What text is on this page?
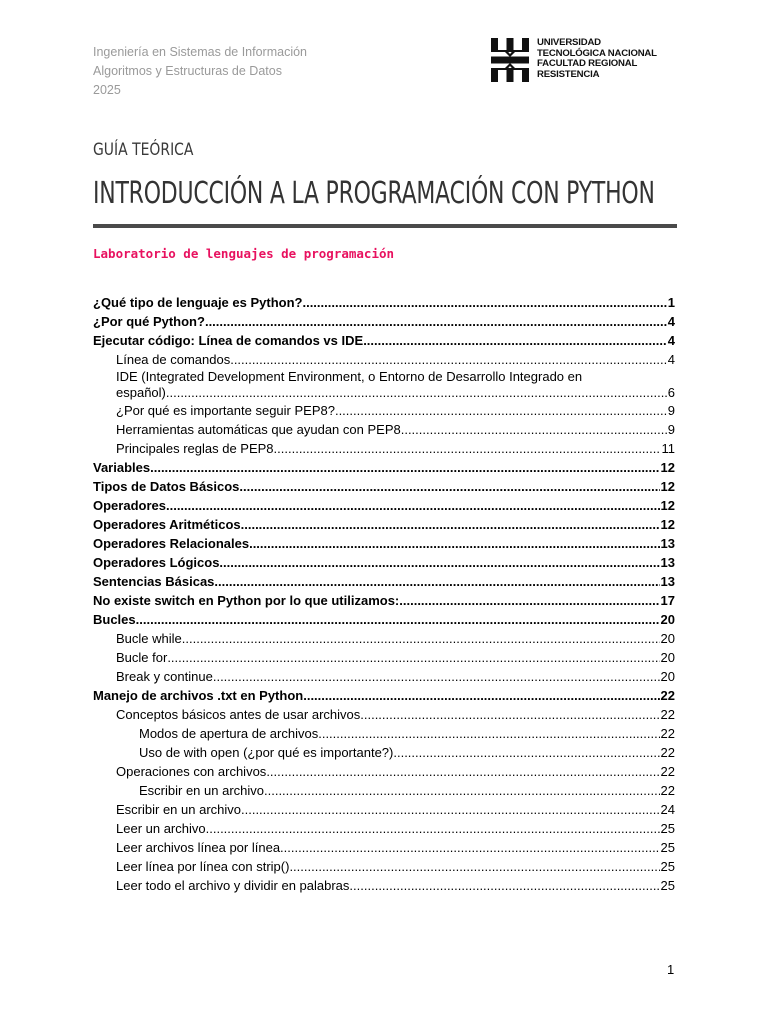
Ingeniería en Sistemas de Información
Algoritmos y Estructuras de Datos
2025
UNIVERSIDAD
TECNOLÓGICA NACIONAL
FACULTAD REGIONAL
RESISTENCIA
GUÍA TEÓRICA
INTRODUCCIÓN A LA PROGRAMACIÓN CON PYTHON
Laboratorio de lenguajes de programación
¿Qué tipo de lenguaje es Python? .....	1
¿Por qué Python? .....	4
Ejecutar código: Línea de comandos vs IDE .....	4
Línea de comandos .....	4
IDE (Integrated Development Environment, o Entorno de Desarrollo Integrado en
español) .....	6
¿Por qué es importante seguir PEP8? .....	9
Herramientas automáticas que ayudan con PEP8 .....	9
Principales reglas de PEP8 .....	11
Variables .....	12
Tipos de Datos Básicos .....	12
Operadores .....	12
Operadores Aritméticos .....	12
Operadores Relacionales .....	13
Operadores Lógicos .....	13
Sentencias Básicas .....	13
No existe switch en Python por lo que utilizamos: .....	17
Bucles .....	20
Bucle while .....	20
Bucle for .....	20
Break y continue .....	20
Manejo de archivos .txt en Python .....	22
Conceptos básicos antes de usar archivos .....	22
Modos de apertura de archivos .....	22
Uso de with open (¿por qué es importante?) .....	22
Operaciones con archivos .....	22
Escribir en un archivo .....	22
Escribir en un archivo .....	24
Leer un archivo .....	25
Leer archivos línea por línea .....	25
Leer línea por línea con strip() .....	25
Leer todo el archivo y dividir en palabras .....	25
1
